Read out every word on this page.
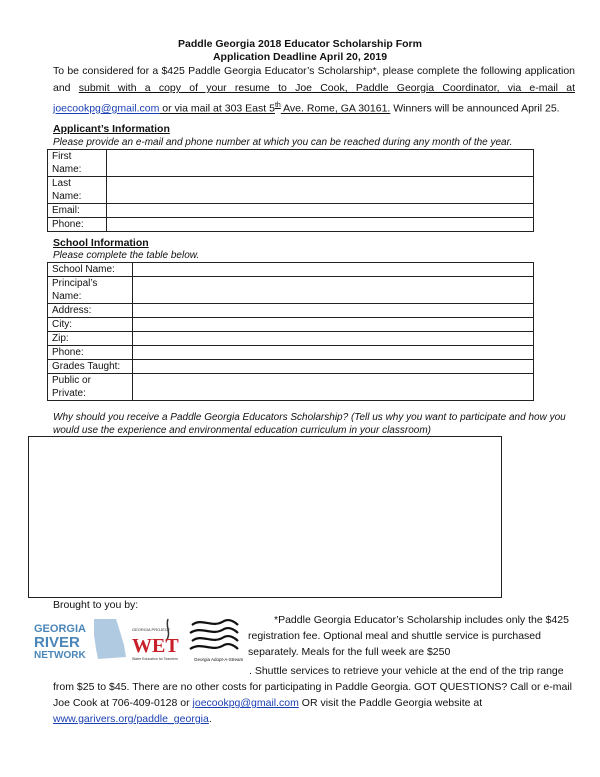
Paddle Georgia 2018 Educator Scholarship Form
Application Deadline April 20, 2019
To be considered for a $425 Paddle Georgia Educator’s Scholarship*, please complete the following application and submit with a copy of your resume to Joe Cook, Paddle Georgia Coordinator, via e-mail at joecookpg@gmail.com or via mail at 303 East 5th Ave. Rome, GA 30161. Winners will be announced April 25.
Applicant’s Information
Please provide an e-mail and phone number at which you can be reached during any month of the year.
First
Name:	

Last
Name:	

Email:	

Phone:	

School Information
Please complete the table below.
School Name:	

Principal’s
Name:	

Address:	

City:	

Zip:	

Phone:	

Grades Taught:	

Public or
Private:	

Why should you receive a Paddle Georgia Educators Scholarship? (Tell us why you want to participate and how you would use the experience and environmental education curriculum in your classroom)
Brought to you by:
GEORGIA
RIVER
NETWORK
GEORGIA PROJECT
WET
Water Education for Teachers	Georgia Adopt-A-Stream
*Paddle Georgia Educator’s Scholarship includes only the $425 registration fee. Optional meal and shuttle service is purchased separately. Meals for the full week are $250
. Shuttle services to retrieve your vehicle at the end of the trip range from $25 to $45. There are no other costs for participating in Paddle Georgia. GOT QUESTIONS? Call or e-mail Joe Cook at 706-409-0128 or joecookpg@gmail.com OR visit the Paddle Georgia website at www.garivers.org/paddle_georgia.
